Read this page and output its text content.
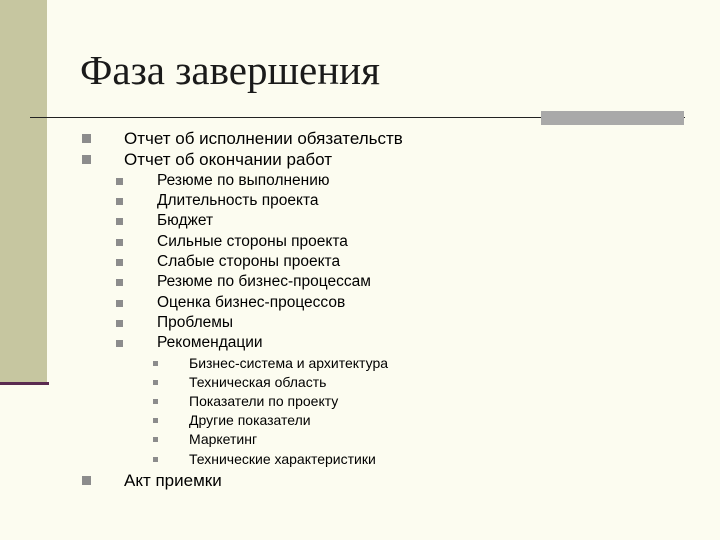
Фаза завершения
Отчет об исполнении обязательств
Отчет об окончании работ
Резюме по выполнению
Длительность проекта
Бюджет
Сильные стороны проекта
Слабые стороны проекта
Резюме по бизнес-процессам
Оценка бизнес-процессов
Проблемы
Рекомендации
Бизнес-система и архитектура
Техническая область
Показатели по проекту
Другие показатели
Маркетинг
Технические характеристики
Акт приемки
